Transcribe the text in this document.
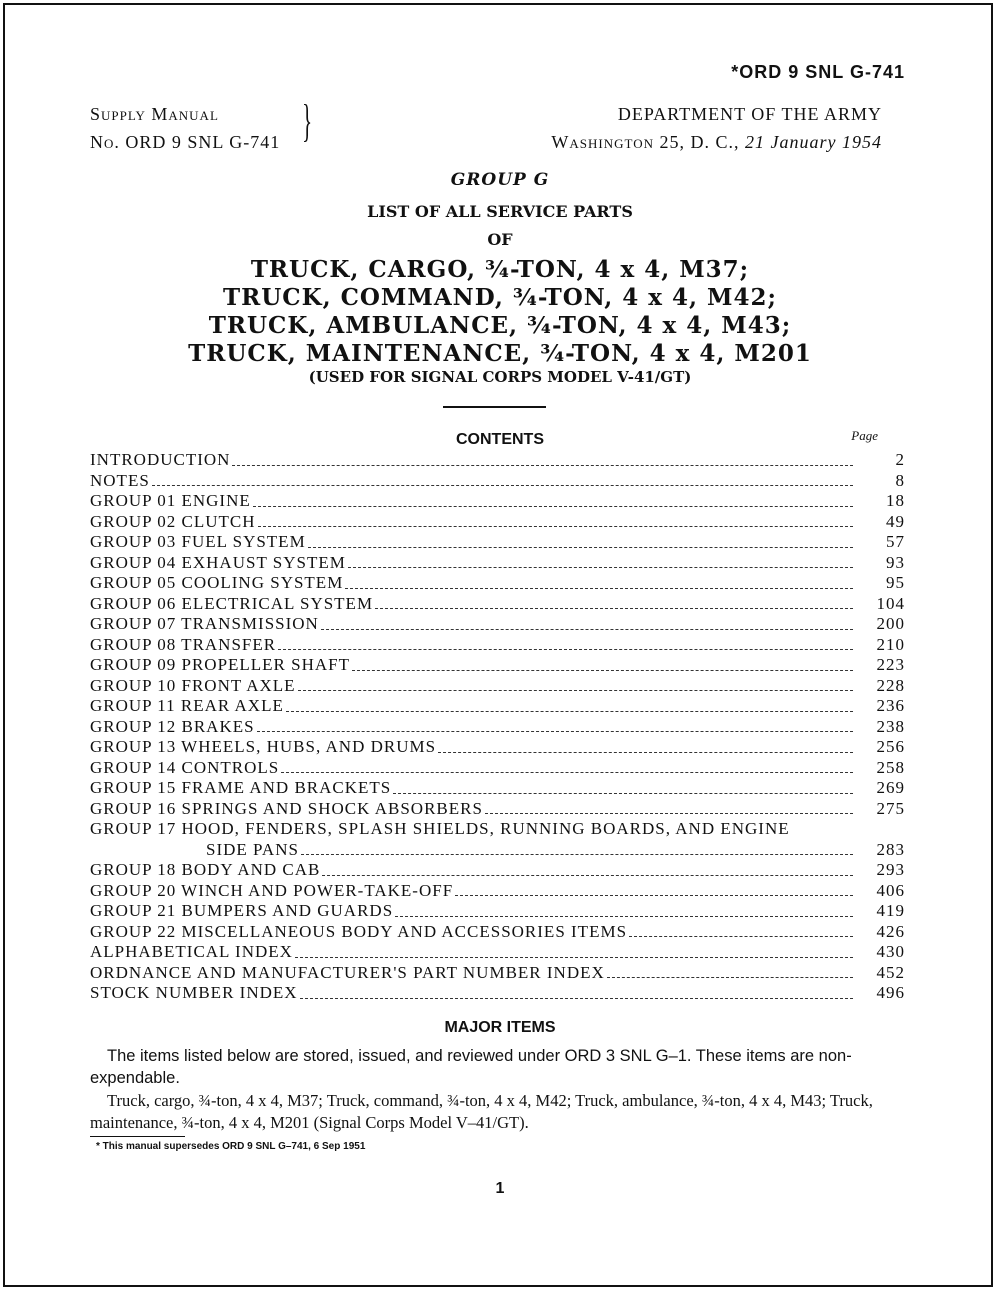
*ORD 9 SNL G-741
Supply Manual
No. ORD 9 SNL G-741 }	DEPARTMENT OF THE ARMY
Washington 25, D. C., 21 January 1954
GROUP G
LIST OF ALL SERVICE PARTS
OF
TRUCK, CARGO, ¾-TON, 4 x 4, M37;
TRUCK, COMMAND, ¾-TON, 4 x 4, M42;
TRUCK, AMBULANCE, ¾-TON, 4 x 4, M43;
TRUCK, MAINTENANCE, ¾-TON, 4 x 4, M201
(USED FOR SIGNAL CORPS MODEL V-41/GT)
CONTENTS	Page
INTRODUCTION	2
NOTES	8
GROUP 01 ENGINE	18
GROUP 02 CLUTCH	49
GROUP 03 FUEL SYSTEM	57
GROUP 04 EXHAUST SYSTEM	93
GROUP 05 COOLING SYSTEM	95
GROUP 06 ELECTRICAL SYSTEM	104
GROUP 07 TRANSMISSION	200
GROUP 08 TRANSFER	210
GROUP 09 PROPELLER SHAFT	223
GROUP 10 FRONT AXLE	228
GROUP 11 REAR AXLE	236
GROUP 12 BRAKES	238
GROUP 13 WHEELS, HUBS, AND DRUMS	256
GROUP 14 CONTROLS	258
GROUP 15 FRAME AND BRACKETS	269
GROUP 16 SPRINGS AND SHOCK ABSORBERS	275
GROUP 17 HOOD, FENDERS, SPLASH SHIELDS, RUNNING BOARDS, AND ENGINE
SIDE PANS	283
GROUP 18 BODY AND CAB	293
GROUP 20 WINCH AND POWER-TAKE-OFF	406
GROUP 21 BUMPERS AND GUARDS	419
GROUP 22 MISCELLANEOUS BODY AND ACCESSORIES ITEMS	426
ALPHABETICAL INDEX	430
ORDNANCE AND MANUFACTURER'S PART NUMBER INDEX	452
STOCK NUMBER INDEX	496
MAJOR ITEMS
The items listed below are stored, issued, and reviewed under ORD 3 SNL G–1. These items are non-expendable.
Truck, cargo, ¾-ton, 4 x 4, M37; Truck, command, ¾-ton, 4 x 4, M42; Truck, ambulance, ¾-ton, 4 x 4, M43; Truck, maintenance, ¾-ton, 4 x 4, M201 (Signal Corps Model V–41/GT).
* This manual supersedes ORD 9 SNL G–741, 6 Sep 1951
1
